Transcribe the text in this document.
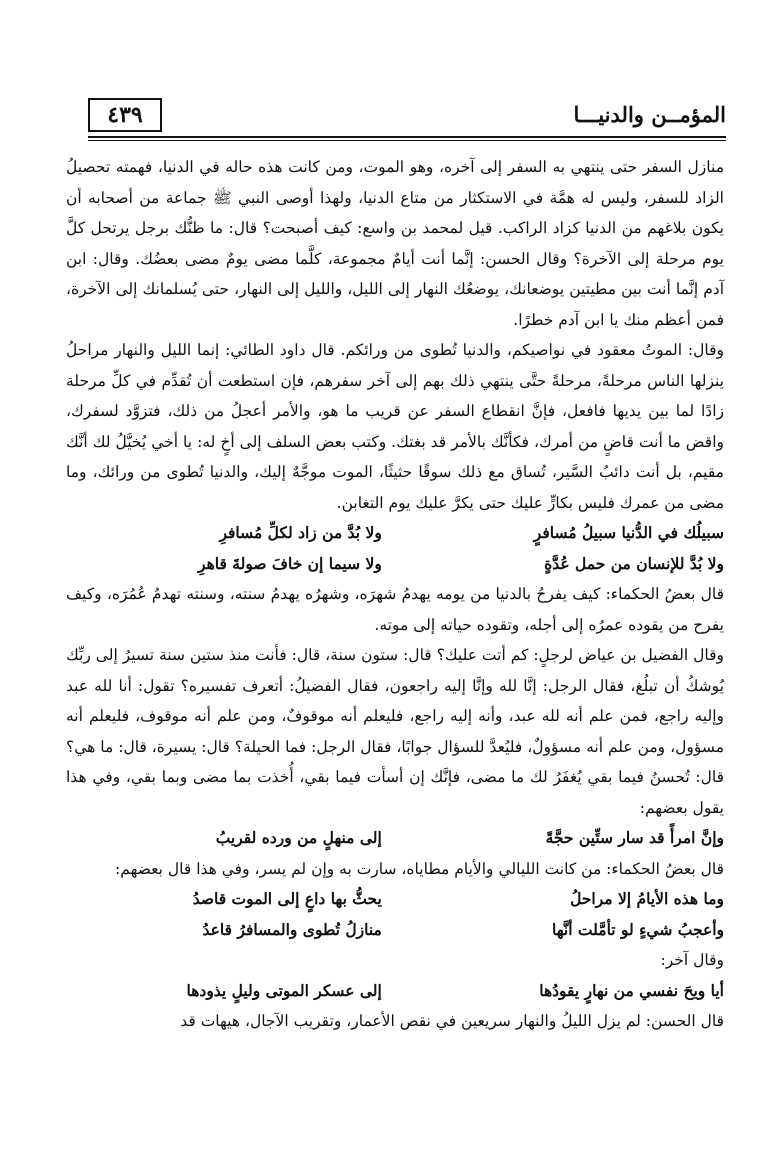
المؤمــن والدنيـــا
٤٣٩

منازل السفر حتى ينتهي به السفر إلى آخره، وهو الموت، ومن كانت هذه حاله في الدنيا، فهمته تحصيلُ الزاد للسفر، وليس له همَّة في الاستكثار من متاع الدنيا، ولهذا أوصى النبي ﷺ جماعة من أصحابه أن يكون بلاغهم من الدنيا كزاد الراكب. قيل لمحمد بن واسع: كيف أصبحت؟ قال: ما ظنُّك برجل يرتحل كلَّ يوم مرحلة إلى الآخرة؟ وقال الحسن: إنَّما أنت أيامٌ مجموعة، كلَّما مضى يومٌ مضى بعضُك. وقال: ابن آدم إنَّما أنت بين مطيتين يوضعانك، يوضعُك النهار إلى الليل، والليل إلى النهار، حتى يُسلمانك إلى الآخرة، فمن أعظم منك يا ابن آدم خطرًا.

وقال: الموتُ معقود في نواصيكم، والدنيا تُطوى من ورائكم. قال داود الطائي: إنما الليل والنهار مراحلُ ينزلها الناس مرحلةً، مرحلةً حتَّى ينتهي ذلك بهم إلى آخر سفرهم، فإن استطعت أن تُقدِّم في كلِّ مرحلة زادًا لما بين يديها فافعل، فإنَّ انقطاع السفر عن قريب ما هو، والأمر أعجلُ من ذلك، فتزوَّد لسفرك، واقض ما أنت قاضٍ من أمرك، فكأنَّك بالأمر قد بغتك. وكتب بعض السلف إلى أخٍ له: يا أخي يُخيَّلُ لك أنَّك مقيم، بل أنت دائبُ السَّير، تُساق مع ذلك سوقًا حثيثًا، الموت موجَّهٌ إليك، والدنيا تُطوى من ورائك، وما مضى من عمرك فليس بكارٍّ عليك حتى يكرَّ عليك يوم التغابن.

سبيلُك في الدُّنيا سبيلُ مُسافرٍ
ولا بُدَّ من زاد لكلِّ مُسافرِ
ولا بُدَّ للإنسان من حمل عُدَّةٍ
ولا سيما إن خافَ صولةَ قاهرِ

قال بعضُ الحكماء: كيف يفرحُ بالدنيا من يومه يهدمُ شهرَه، وشهرُه يهدمُ سنته، وسنته تهدمُ عُمُرَه، وكيف يفرح من يقوده عمرُه إلى أجله، وتقوده حياته إلى موته.

وقال الفضيل بن عياض لرجلٍ: كم أتت عليك؟ قال: ستون سنة، قال: فأنت منذ ستين سنة تسيرُ إلى ربِّك يُوشكُ أن تبلُغ، فقال الرجل: إنَّا لله وإنَّا إليه راجعون، فقال الفضيلُ: أتعرف تفسيره؟ تقول: أنا لله عبد وإليه راجع، فمن علم أنه لله عبد، وأنه إليه راجع، فليعلم أنه موقوفٌ، ومن علم أنه موقوف، فليعلم أنه مسؤول، ومن علم أنه مسؤولٌ، فليُعدَّ للسؤال جوابًا، فقال الرجل: فما الحيلة؟ قال: يسيرة، قال: ما هي؟ قال: تُحسنُ فيما بقي يُغفَرُ لك ما مضى، فإنَّك إن أسأت فيما بقي، أُخذت بما مضى وبما بقي، وفي هذا يقول بعضهم:

وإنَّ امرأً قد سار ستِّين حجَّةً
إلى منهلٍ من ورده لقريبُ

قال بعضُ الحكماء: من كانت الليالي والأيام مطاياه، سارت به وإن لم يسر، وفي هذا قال بعضهم:

وما هذه الأيامُ إلا مراحلُ
يحثُّ بها داعٍ إلى الموت قاصدُ
وأعجبُ شيءٍ لو تأمَّلت أنَّها
منازلُ تُطوى والمسافرُ قاعدُ

وقال آخر:

أيا ويحَ نفسي من نهارٍ يقودُها
إلى عسكر الموتى وليلٍ يذودها

قال الحسن: لم يزل الليلُ والنهار سريعين في نقص الأعمار، وتقريب الآجال، هيهات قد
